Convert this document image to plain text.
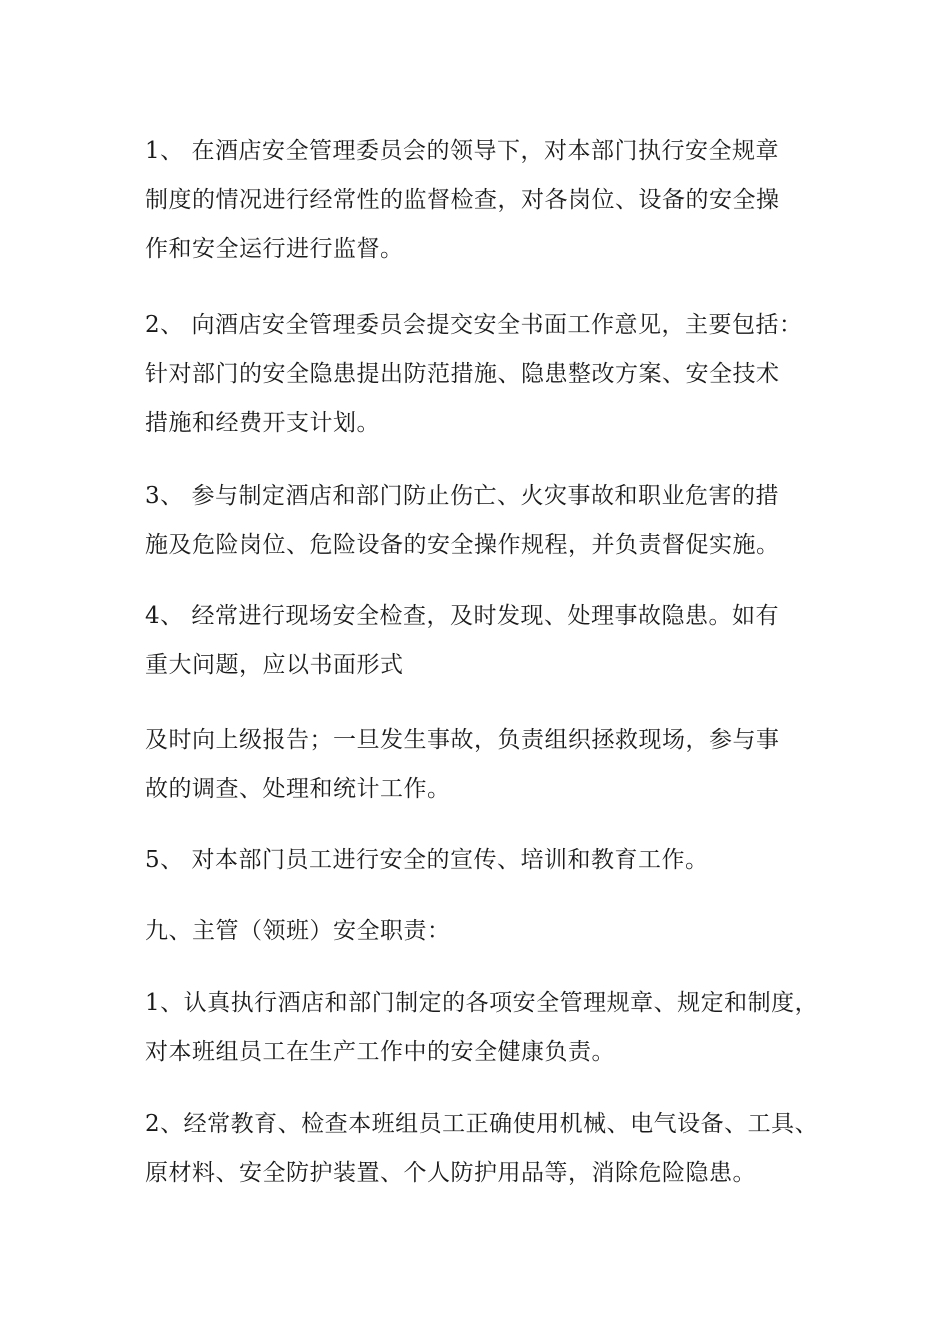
1、 在酒店安全管理委员会的领导下，对本部门执行安全规章
制度的情况进行经常性的监督检查，对各岗位、设备的安全操
作和安全运行进行监督。
2、 向酒店安全管理委员会提交安全书面工作意见，主要包括：
针对部门的安全隐患提出防范措施、隐患整改方案、安全技术
措施和经费开支计划。
3、 参与制定酒店和部门防止伤亡、火灾事故和职业危害的措
施及危险岗位、危险设备的安全操作规程，并负责督促实施。
4、 经常进行现场安全检查，及时发现、处理事故隐患。如有
重大问题，应以书面形式
及时向上级报告；一旦发生事故，负责组织拯救现场，参与事
故的调查、处理和统计工作。
5、 对本部门员工进行安全的宣传、培训和教育工作。
九、主管（领班）安全职责：
1、认真执行酒店和部门制定的各项安全管理规章、规定和制度，
对本班组员工在生产工作中的安全健康负责。
2、经常教育、检查本班组员工正确使用机械、电气设备、工具、
原材料、安全防护装置、个人防护用品等，消除危险隐患。
